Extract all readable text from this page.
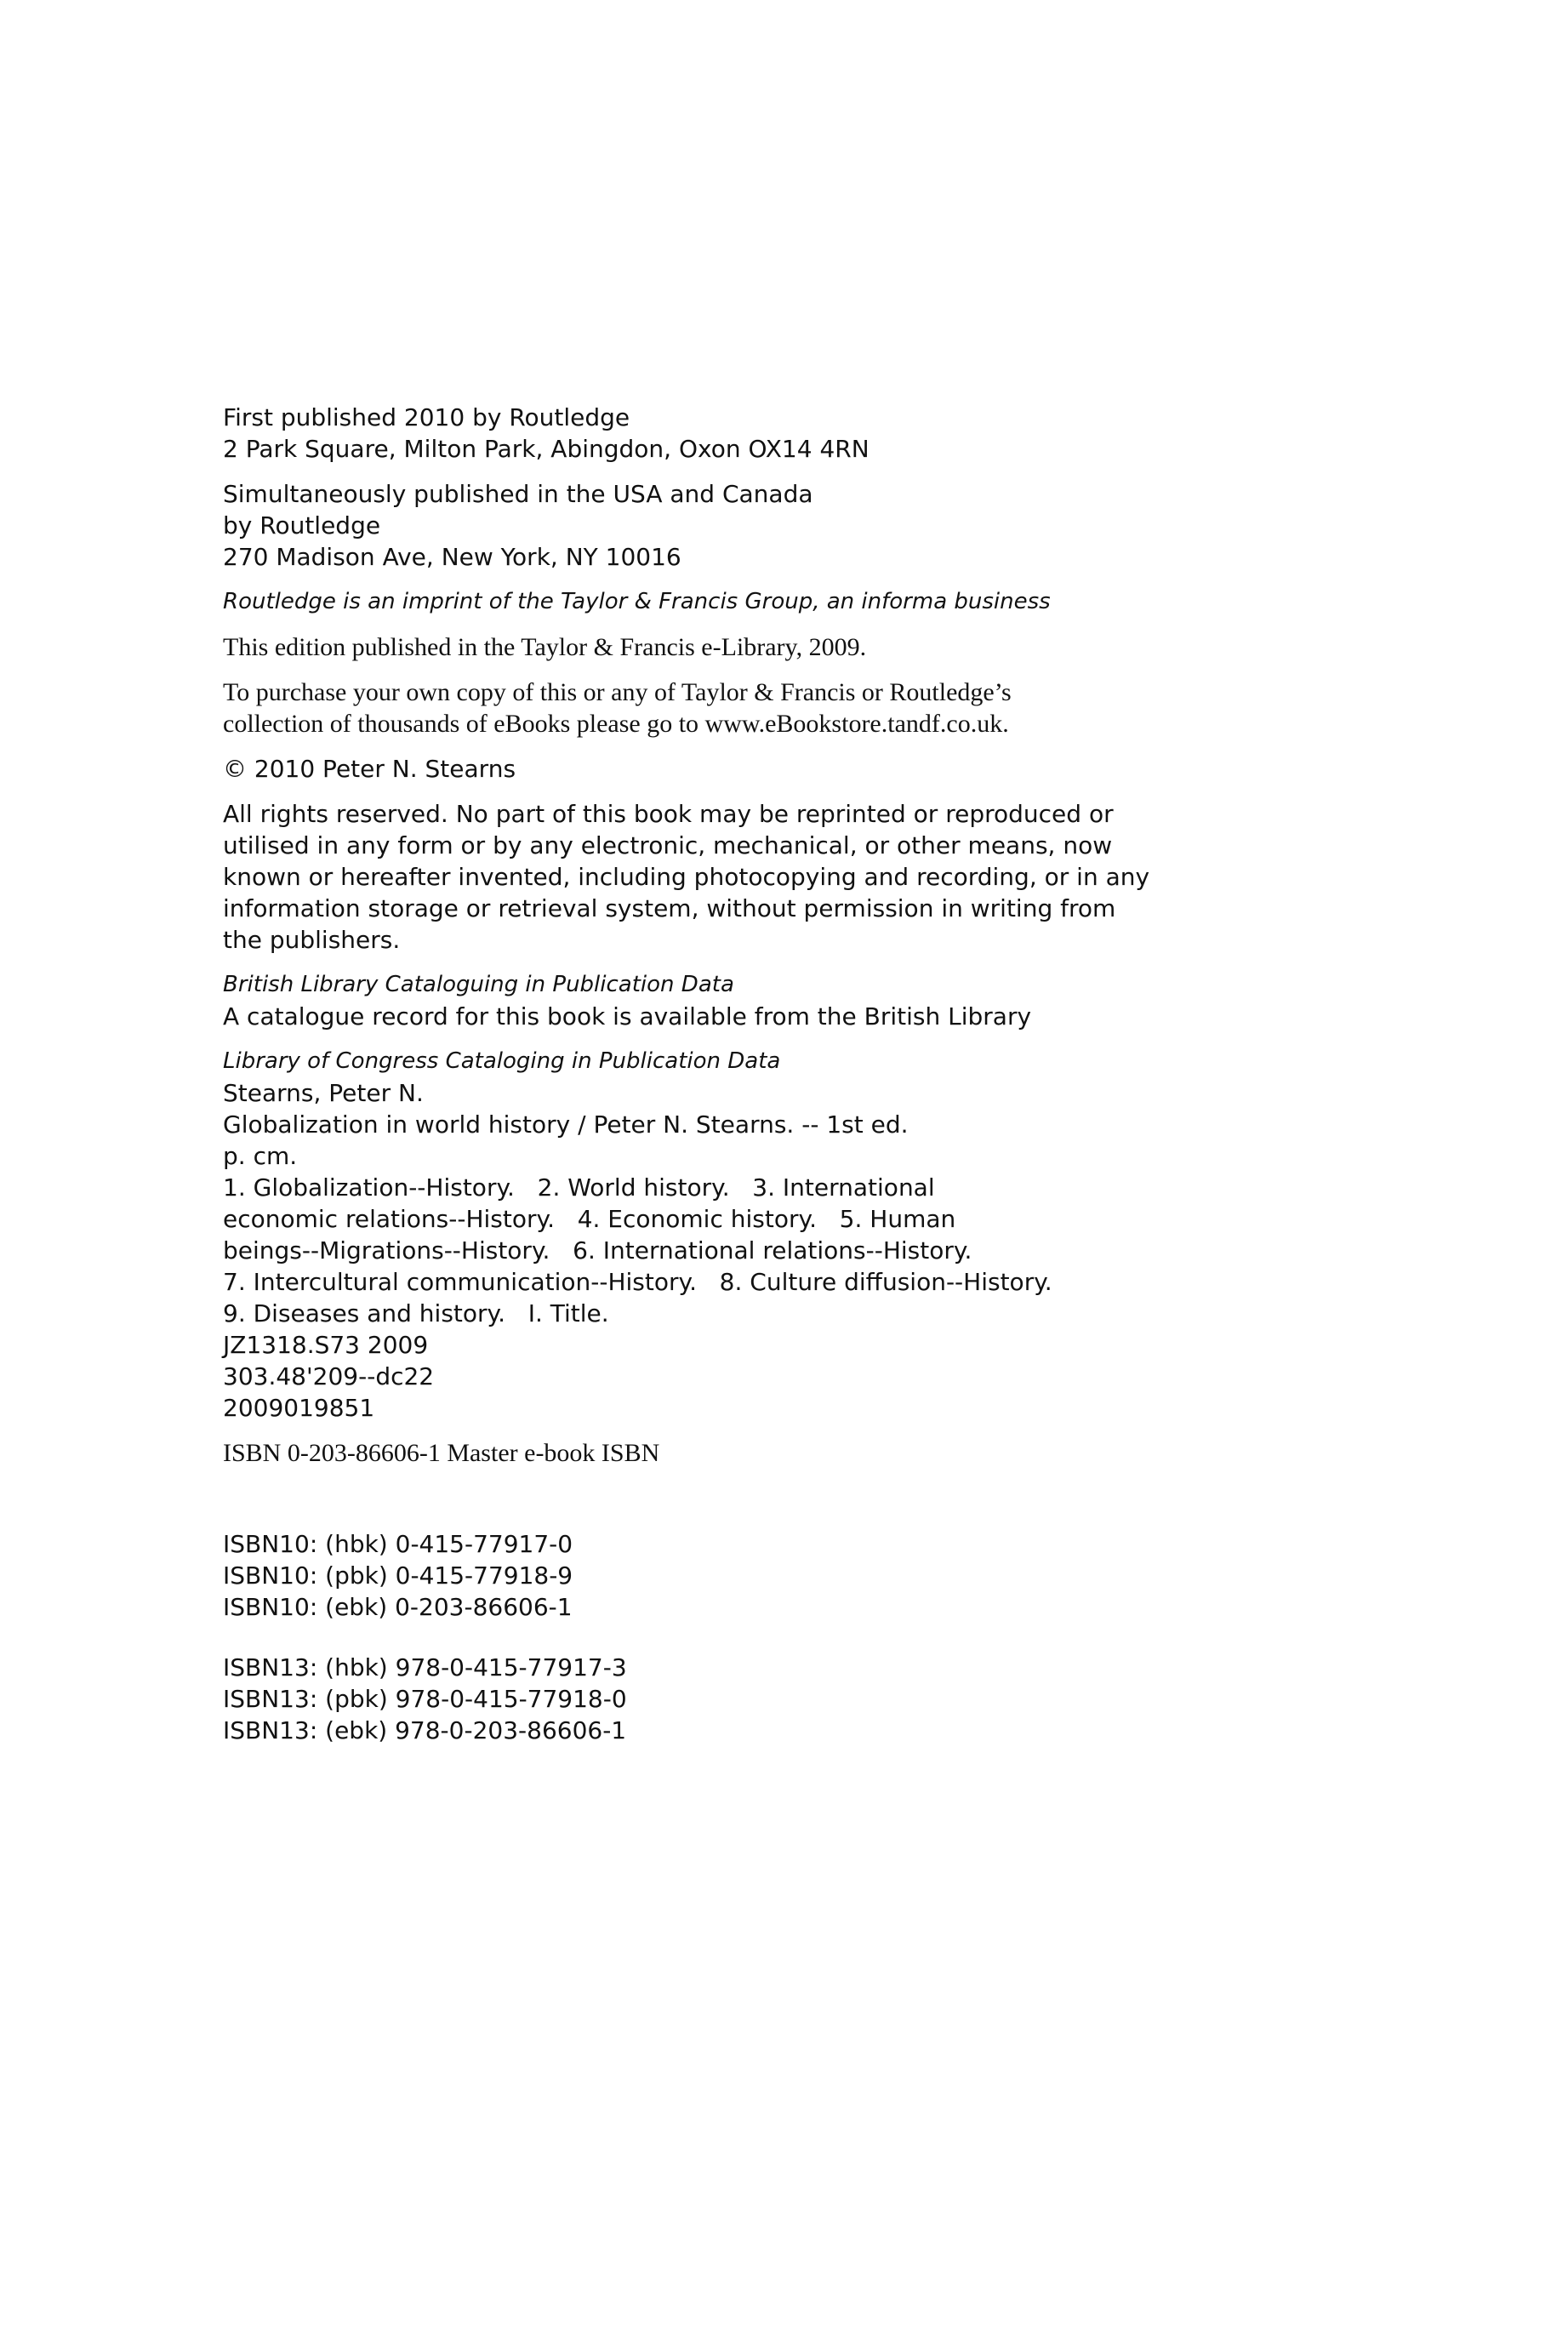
First published 2010 by Routledge
2 Park Square, Milton Park, Abingdon, Oxon OX14 4RN
Simultaneously published in the USA and Canada
by Routledge
270 Madison Ave, New York, NY 10016
Routledge is an imprint of the Taylor & Francis Group, an informa business
This edition published in the Taylor & Francis e-Library, 2009.
To purchase your own copy of this or any of Taylor & Francis or Routledge’s
collection of thousands of eBooks please go to www.eBookstore.tandf.co.uk.
© 2010 Peter N. Stearns
All rights reserved. No part of this book may be reprinted or reproduced or
utilised in any form or by any electronic, mechanical, or other means, now
known or hereafter invented, including photocopying and recording, or in any
information storage or retrieval system, without permission in writing from
the publishers.
British Library Cataloguing in Publication Data
A catalogue record for this book is available from the British Library
Library of Congress Cataloging in Publication Data
Stearns, Peter N.
Globalization in world history / Peter N. Stearns. -- 1st ed.
p. cm.
1. Globalization--History.   2. World history.   3. International
economic relations--History.   4. Economic history.   5. Human
beings--Migrations--History.   6. International relations--History.
7. Intercultural communication--History.   8. Culture diffusion--History.
9. Diseases and history.   I. Title.
JZ1318.S73 2009
303.48'209--dc22
2009019851
ISBN 0-203-86606-1 Master e-book ISBN
ISBN10: (hbk) 0-415-77917-0
ISBN10: (pbk) 0-415-77918-9
ISBN10: (ebk) 0-203-86606-1
ISBN13: (hbk) 978-0-415-77917-3
ISBN13: (pbk) 978-0-415-77918-0
ISBN13: (ebk) 978-0-203-86606-1
